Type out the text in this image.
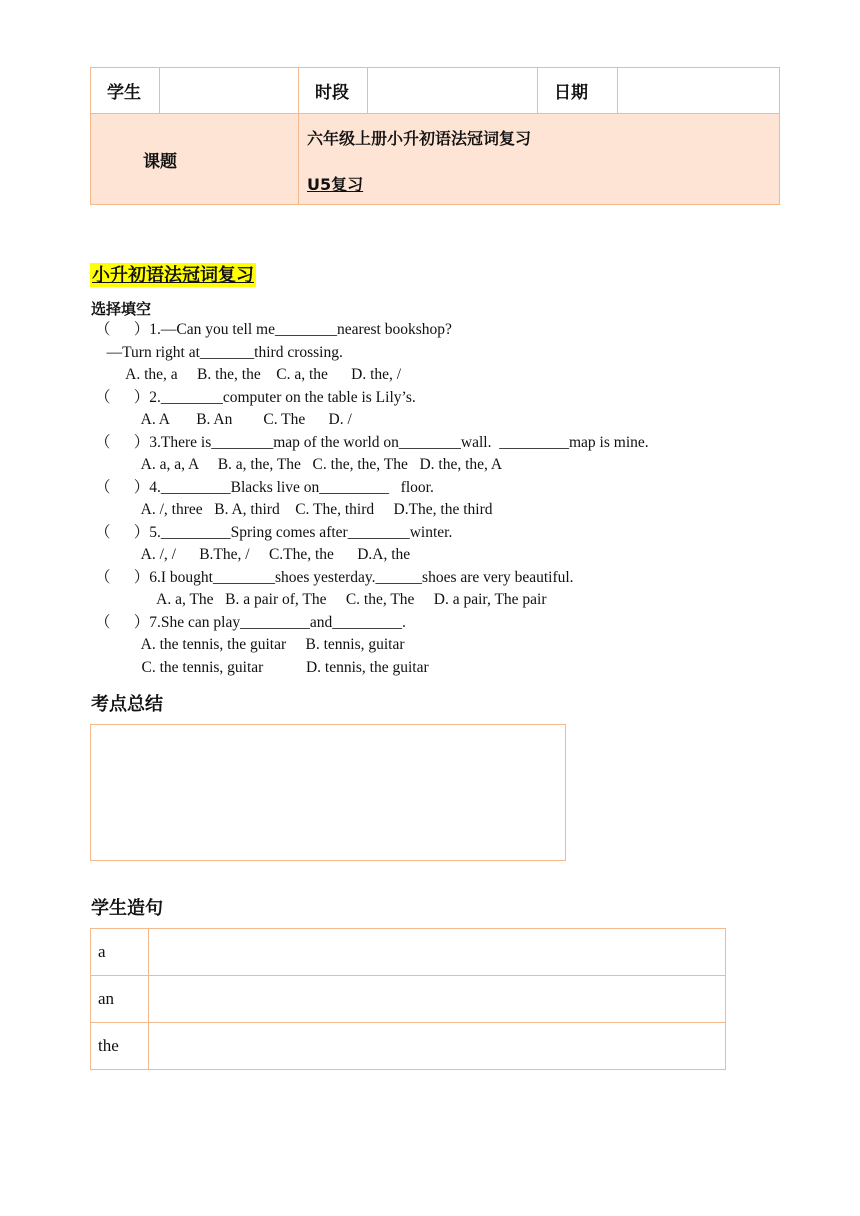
学生		时段		日期	

课题		六年级上册小升初语法冠词复习
U5复习			
小升初语法冠词复习
选择填空
（      ）1.—Can you tell me________nearest bookshop?
—Turn right at_______third crossing.
A. the, a     B. the, the    C. a, the      D. the, /
（      ）2.________computer on the table is Lily’s.
A. A       B. An        C. The      D. /
（      ）3.There is________map of the world on________wall.  _________map is mine.
A. a, a, A     B. a, the, The   C. the, the, The   D. the, the, A
（      ）4._________Blacks live on_________   floor.
A. /, three   B. A, third    C. The, third     D.The, the third
（      ）5._________Spring comes after________winter.
A. /, /      B.The, /     C.The, the      D.A, the
（      ）6.I bought________shoes yesterday.______shoes are very beautiful.
A. a, The   B. a pair of, The     C. the, The     D. a pair, The pair
（      ）7.She can play_________and_________.
A. the tennis, the guitar     B. tennis, guitar
C. the tennis, guitar           D. tennis, the guitar
考点总结
学生造句
a	
an	
the	
